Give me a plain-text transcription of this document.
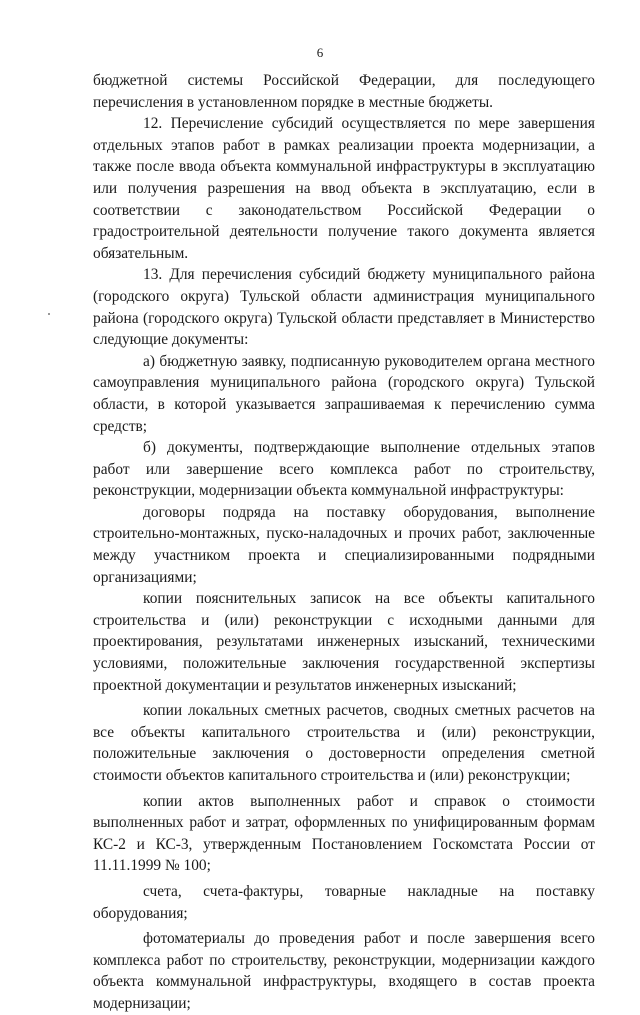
6

бюджетной системы Российской Федерации, для последующего перечисления в установленном порядке в местные бюджеты.

12. Перечисление субсидий осуществляется по мере завершения отдельных этапов работ в рамках реализации проекта модернизации, а также после ввода объекта коммунальной инфраструктуры в эксплуатацию или получения разрешения на ввод объекта в эксплуатацию, если в соответствии с законодательством Российской Федерации о градостроительной деятельности получение такого документа является обязательным.

13. Для перечисления субсидий бюджету муниципального района (городского округа) Тульской области администрация муниципального района (городского округа) Тульской области представляет в Министерство следующие документы:

а) бюджетную заявку, подписанную руководителем органа местного самоуправления муниципального района (городского округа) Тульской области, в которой указывается запрашиваемая к перечислению сумма средств;

б) документы, подтверждающие выполнение отдельных этапов работ или завершение всего комплекса работ по строительству, реконструкции, модернизации объекта коммунальной инфраструктуры:

договоры подряда на поставку оборудования, выполнение строительно-монтажных, пуско-наладочных и прочих работ, заключенные между участником проекта и специализированными подрядными организациями;

копии пояснительных записок на все объекты капитального строительства и (или) реконструкции с исходными данными для проектирования, результатами инженерных изысканий, техническими условиями, положительные заключения государственной экспертизы проектной документации и результатов инженерных изысканий;

копии локальных сметных расчетов, сводных сметных расчетов на все объекты капитального строительства и (или) реконструкции, положительные заключения о достоверности определения сметной стоимости объектов капитального строительства и (или) реконструкции;

копии актов выполненных работ и справок о стоимости выполненных работ и затрат, оформленных по унифицированным формам КС-2 и КС-3, утвержденным Постановлением Госкомстата России от 11.11.1999 № 100;

счета, счета-фактуры, товарные накладные на поставку оборудования;

фотоматериалы до проведения работ и после завершения всего комплекса работ по строительству, реконструкции, модернизации каждого объекта коммунальной инфраструктуры, входящего в состав проекта модернизации;
